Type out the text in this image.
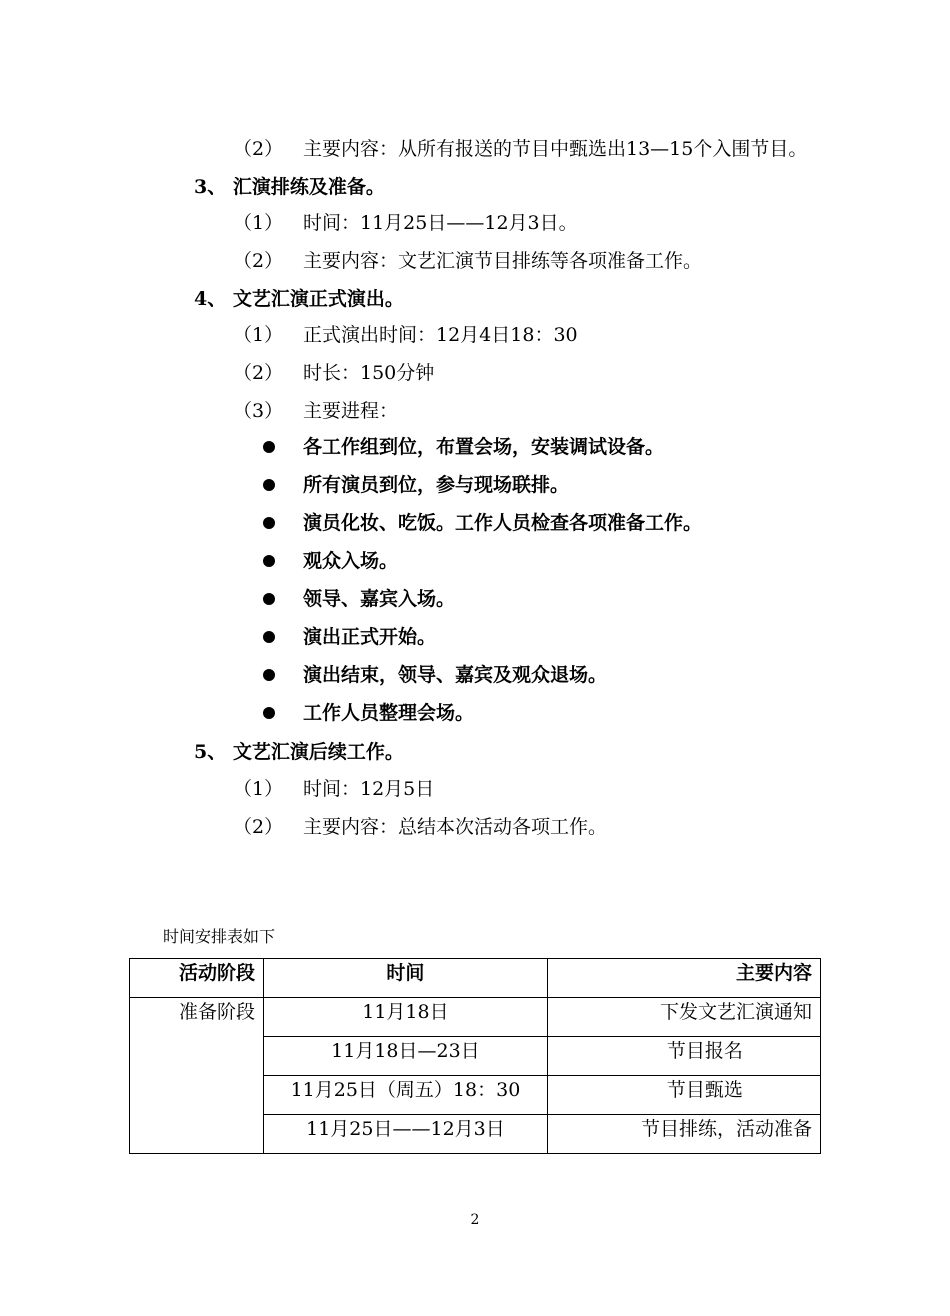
（2） 主要内容：从所有报送的节目中甄选出13—15个入围节目。
3、 汇演排练及准备。
（1） 时间：11月25日——12月3日。
（2） 主要内容：文艺汇演节目排练等各项准备工作。
4、 文艺汇演正式演出。
（1） 正式演出时间：12月4日18：30
（2） 时长：150分钟
（3） 主要进程：
各工作组到位，布置会场，安装调试设备。
所有演员到位，参与现场联排。
演员化妆、吃饭。工作人员检查各项准备工作。
观众入场。
领导、嘉宾入场。
演出正式开始。
演出结束，领导、嘉宾及观众退场。
工作人员整理会场。
5、 文艺汇演后续工作。
（1） 时间：12月5日
（2） 主要内容：总结本次活动各项工作。
时间安排表如下
活动阶段	时间	主要内容
准备阶段	11月18日	下发文艺汇演通知
	11月18日—23日	节目报名
	11月25日（周五）18：30	节目甄选
	11月25日——12月3日	节目排练，活动准备
2
